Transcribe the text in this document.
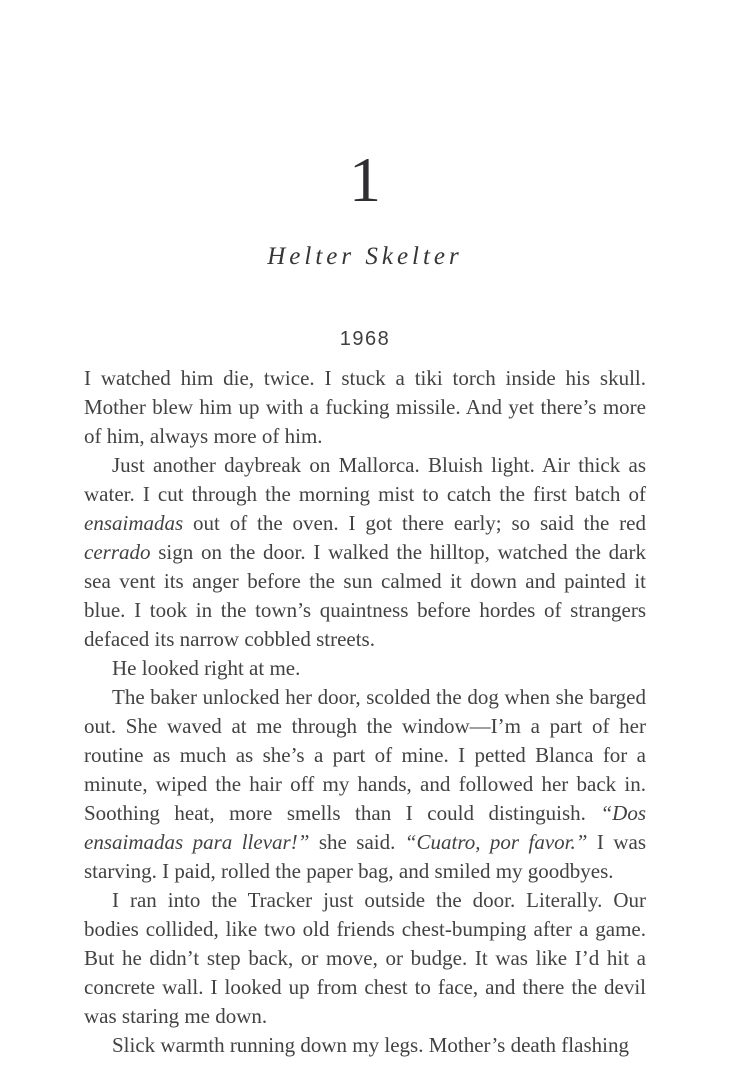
1
Helter Skelter
1968

I watched him die, twice. I stuck a tiki torch inside his skull. Mother blew him up with a fucking missile. And yet there’s more of him, always more of him.

Just another daybreak on Mallorca. Bluish light. Air thick as water. I cut through the morning mist to catch the first batch of ensaimadas out of the oven. I got there early; so said the red cerrado sign on the door. I walked the hilltop, watched the dark sea vent its anger before the sun calmed it down and painted it blue. I took in the town’s quaintness before hordes of strangers defaced its narrow cobbled streets.

He looked right at me.

The baker unlocked her door, scolded the dog when she barged out. She waved at me through the window—I’m a part of her routine as much as she’s a part of mine. I petted Blanca for a minute, wiped the hair off my hands, and followed her back in. Soothing heat, more smells than I could distinguish. “Dos ensaimadas para llevar!” she said. “Cuatro, por favor.” I was starving. I paid, rolled the paper bag, and smiled my goodbyes.

I ran into the Tracker just outside the door. Literally. Our bodies collided, like two old friends chest-bumping after a game. But he didn’t step back, or move, or budge. It was like I’d hit a concrete wall. I looked up from chest to face, and there the devil was staring me down.

Slick warmth running down my legs. Mother’s death flashing
